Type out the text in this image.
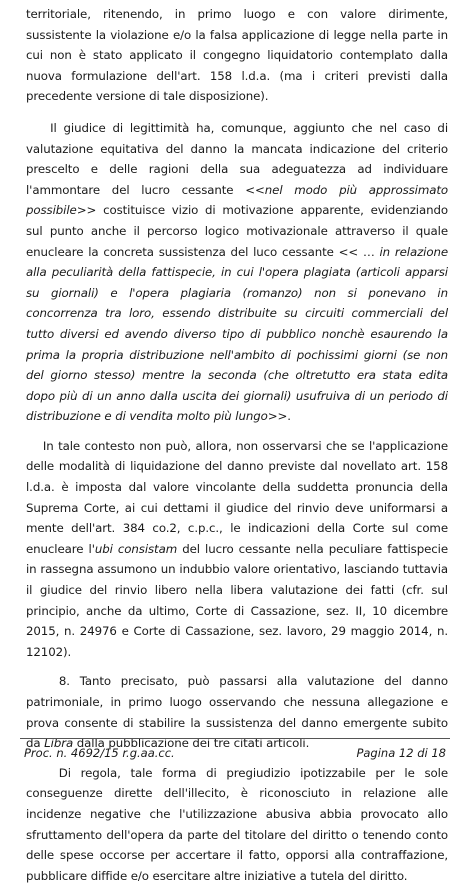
territoriale, ritenendo, in primo luogo e con valore dirimente, sussistente la violazione e/o la falsa applicazione di legge nella parte in cui non è stato applicato il congegno liquidatorio contemplato dalla nuova formulazione dell'art. 158 l.d.a. (ma i criteri previsti dalla precedente versione di tale disposizione).

Il giudice di legittimità ha, comunque, aggiunto che nel caso di valutazione equitativa del danno la mancata indicazione del criterio prescelto e delle ragioni della sua adeguatezza ad individuare l'ammontare del lucro cessante <<nel modo più approssimato possibile>> costituisce vizio di motivazione apparente, evidenziando sul punto anche il percorso logico motivazionale attraverso il quale enucleare la concreta sussistenza del luco cessante << … in relazione alla peculiarità della fattispecie, in cui l'opera plagiata (articoli apparsi su giornali) e l'opera plagiaria (romanzo) non si ponevano in concorrenza tra loro, essendo distribuite su circuiti commerciali del tutto diversi ed avendo diverso tipo di pubblico nonchè esaurendo la prima la propria distribuzione nell'ambito di pochissimi giorni (se non del giorno stesso) mentre la seconda (che oltretutto era stata edita dopo più di un anno dalla uscita dei giornali) usufruiva di un periodo di distribuzione e di vendita molto più lungo>>.

In tale contesto non può, allora, non osservarsi che se l'applicazione delle modalità di liquidazione del danno previste dal novellato art. 158 l.d.a. è imposta dal valore vincolante della suddetta pronuncia della Suprema Corte, ai cui dettami il giudice del rinvio deve uniformarsi a mente dell'art. 384 co.2, c.p.c., le indicazioni della Corte sul come enucleare l'ubi consistam del lucro cessante nella peculiare fattispecie in rassegna assumono un indubbio valore orientativo, lasciando tuttavia il giudice del rinvio libero nella libera valutazione dei fatti (cfr. sul principio, anche da ultimo, Corte di Cassazione, sez. II, 10 dicembre 2015, n. 24976 e Corte di Cassazione, sez. lavoro, 29 maggio 2014, n. 12102).

8. Tanto precisato, può passarsi alla valutazione del danno patrimoniale, in primo luogo osservando che nessuna allegazione e prova consente di stabilire la sussistenza del danno emergente subito da Libra dalla pubblicazione dei tre citati articoli.

Di regola, tale forma di pregiudizio ipotizzabile per le sole conseguenze dirette dell'illecito, è riconosciuto in relazione alle incidenze negative che l'utilizzazione abusiva abbia provocato allo sfruttamento dell'opera da parte del titolare del diritto o tenendo conto delle spese occorse per accertare il fatto, opporsi alla contraffazione, pubblicare diffide e/o esercitare altre iniziative a tutela del diritto.

Proc. n. 4692/15 r.g.aa.cc.	Pagina 12 di 18
